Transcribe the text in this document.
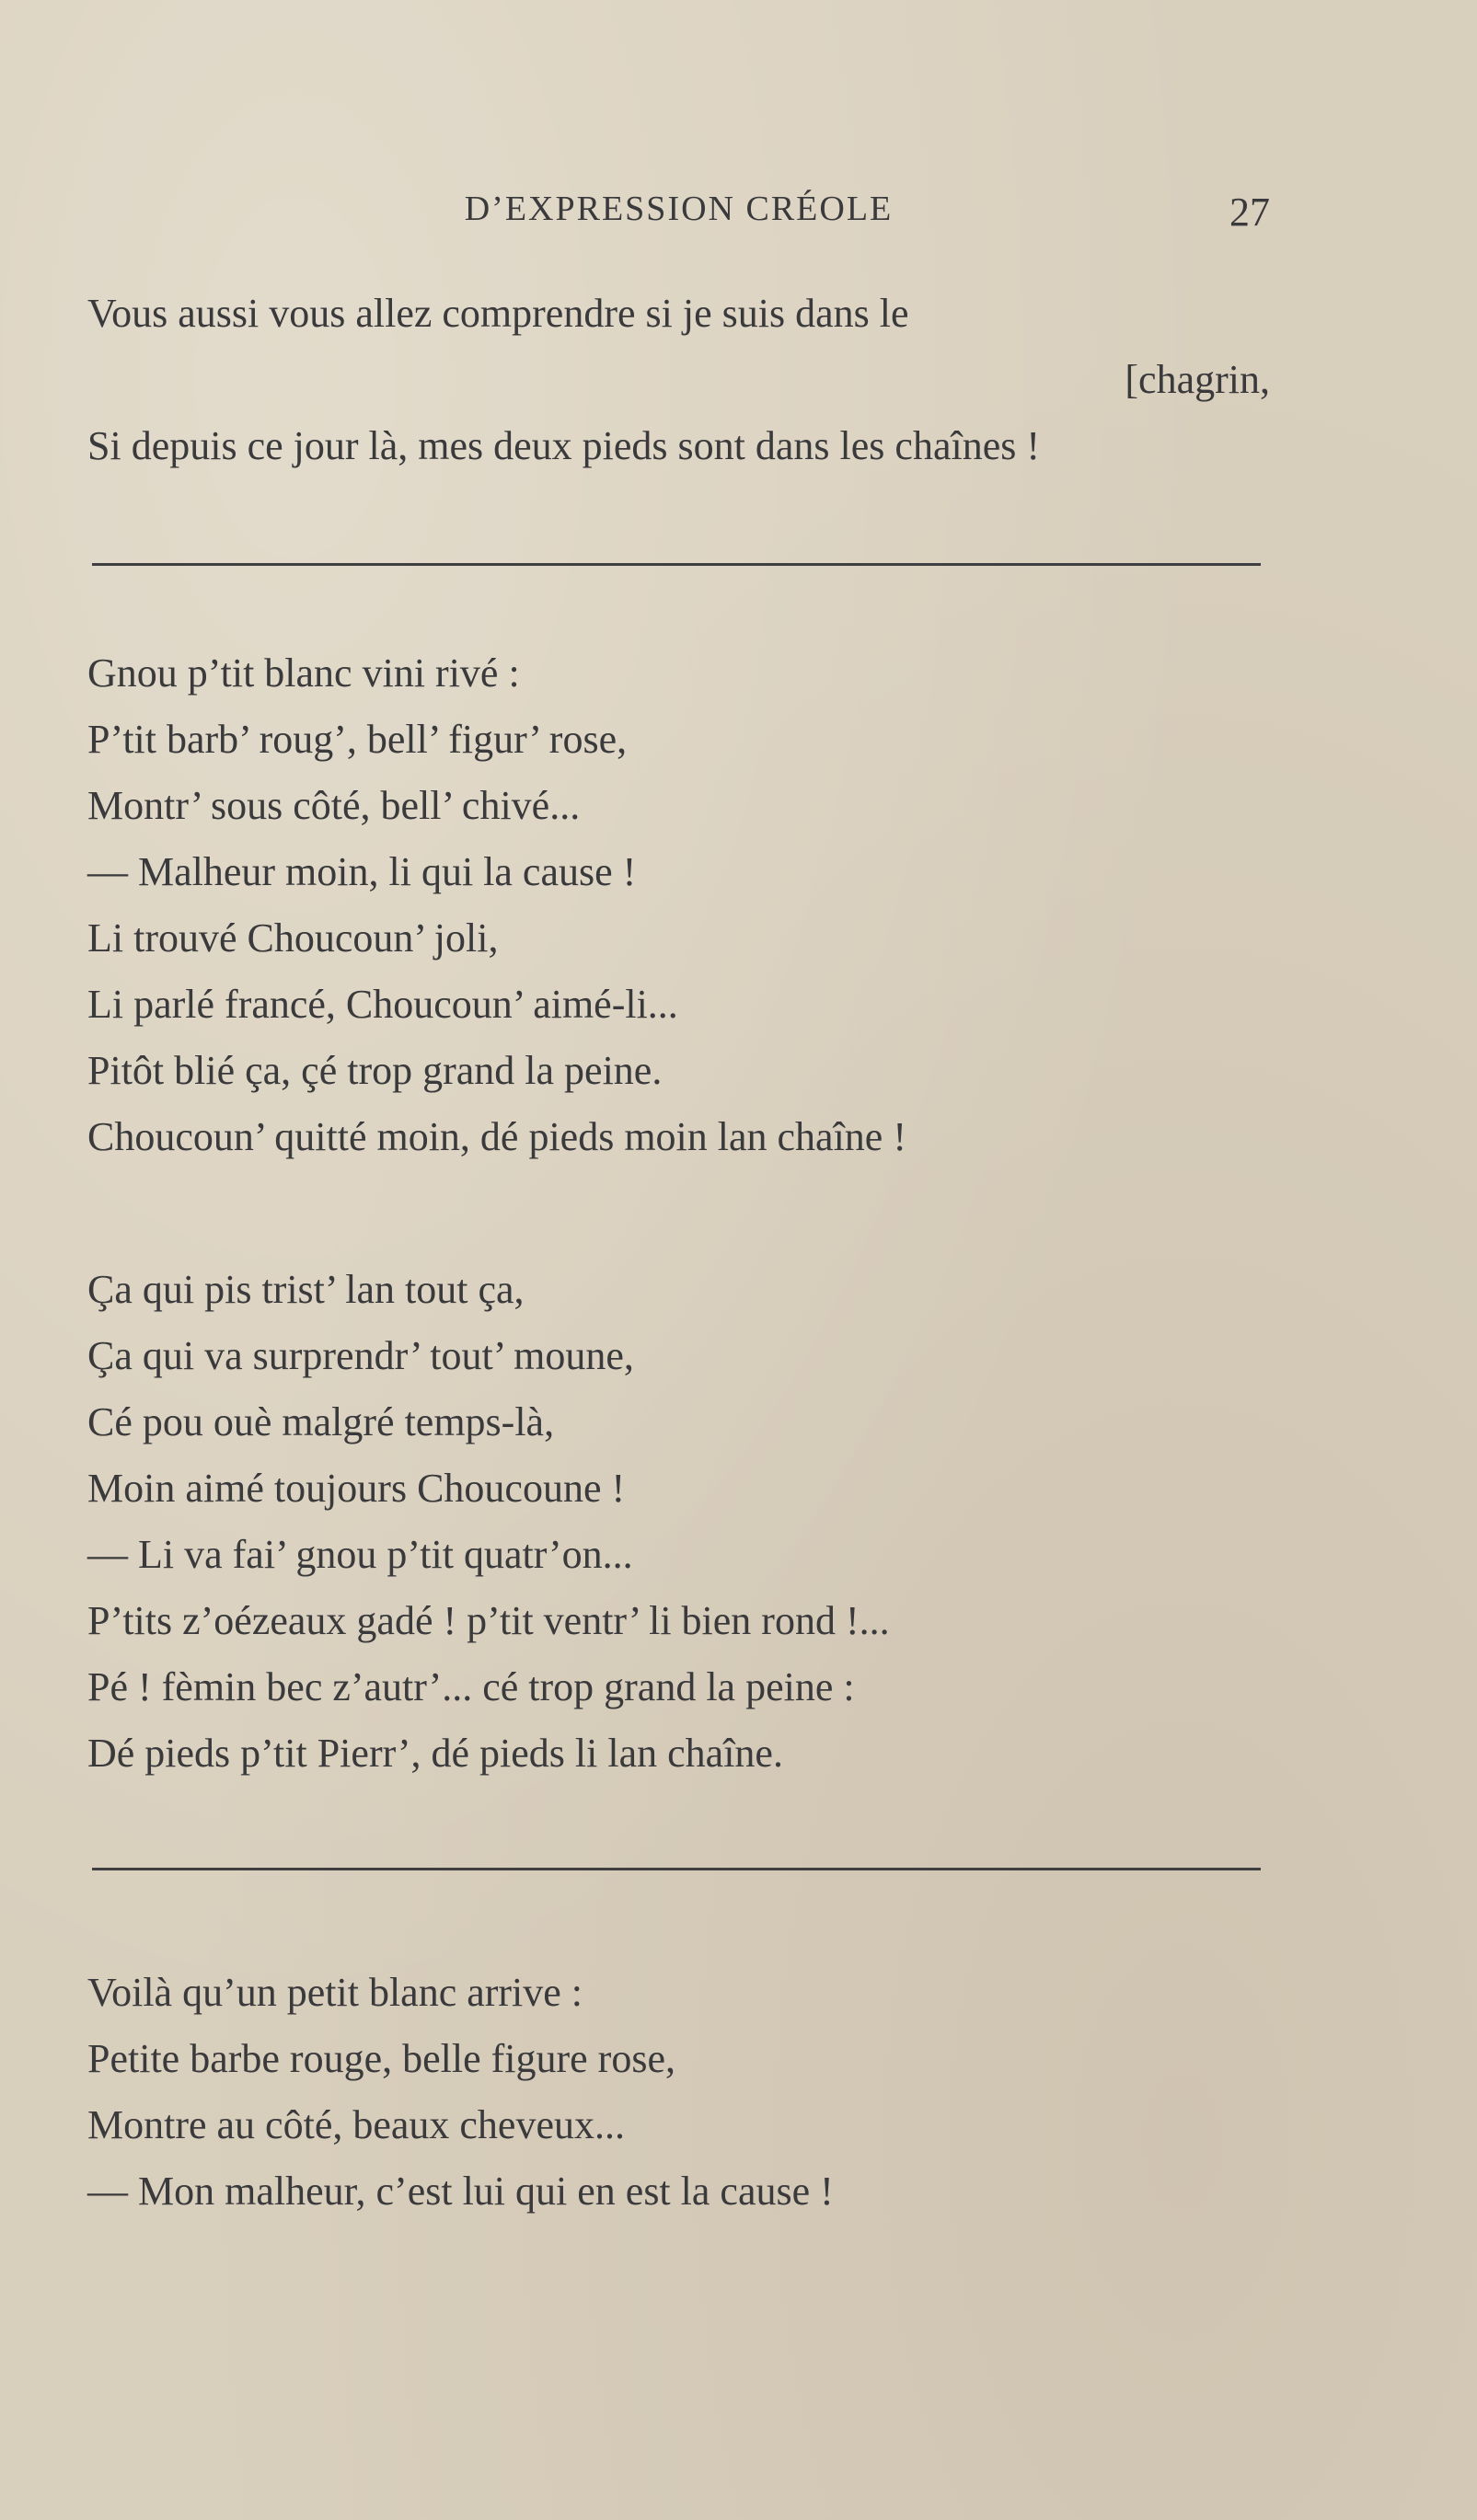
D’EXPRESSION CRÉOLE	27
Vous aussi vous allez comprendre si je suis dans le
[chagrin,
Si depuis ce jour là, mes deux pieds sont dans les chaînes !
Gnou p’tit blanc vini rivé :
P’tit barb’ roug’, bell’ figur’ rose,
Montr’ sous côté, bell’ chivé...
— Malheur moin, li qui la cause !
Li trouvé Choucoun’ joli,
Li parlé francé, Choucoun’ aimé-li...
Pitôt blié ça, çé trop grand la peine.
Choucoun’ quitté moin, dé pieds moin lan chaîne !
Ça qui pis trist’ lan tout ça,
Ça qui va surprendr’ tout’ moune,
Cé pou ouè malgré temps-là,
Moin aimé toujours Choucoune !
— Li va fai’ gnou p’tit quatr’on...
P’tits z’oézeaux gadé ! p’tit ventr’ li bien rond !...
Pé ! fèmin bec z’autr’... cé trop grand la peine :
Dé pieds p’tit Pierr’, dé pieds li lan chaîne.
Voilà qu’un petit blanc arrive :
Petite barbe rouge, belle figure rose,
Montre au côté, beaux cheveux...
— Mon malheur, c’est lui qui en est la cause !
